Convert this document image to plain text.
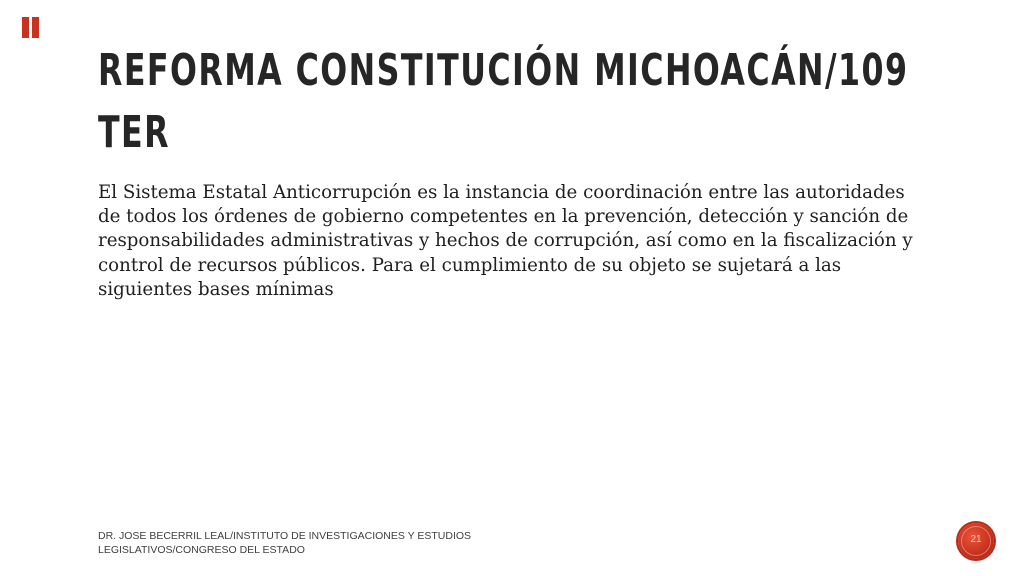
REFORMA CONSTITUCIÓN MICHOACÁN/109 TER

El Sistema Estatal Anticorrupción es la instancia de coordinación entre las autoridades de todos los órdenes de gobierno competentes en la prevención, detección y sanción de responsabilidades administrativas y hechos de corrupción, así como en la fiscalización y control de recursos públicos. Para el cumplimiento de su objeto se sujetará a las siguientes bases mínimas

DR. JOSE BECERRIL LEAL/INSTITUTO DE INVESTIGACIONES Y ESTUDIOS LEGISLATIVOS/CONGRESO DEL ESTADO
21
